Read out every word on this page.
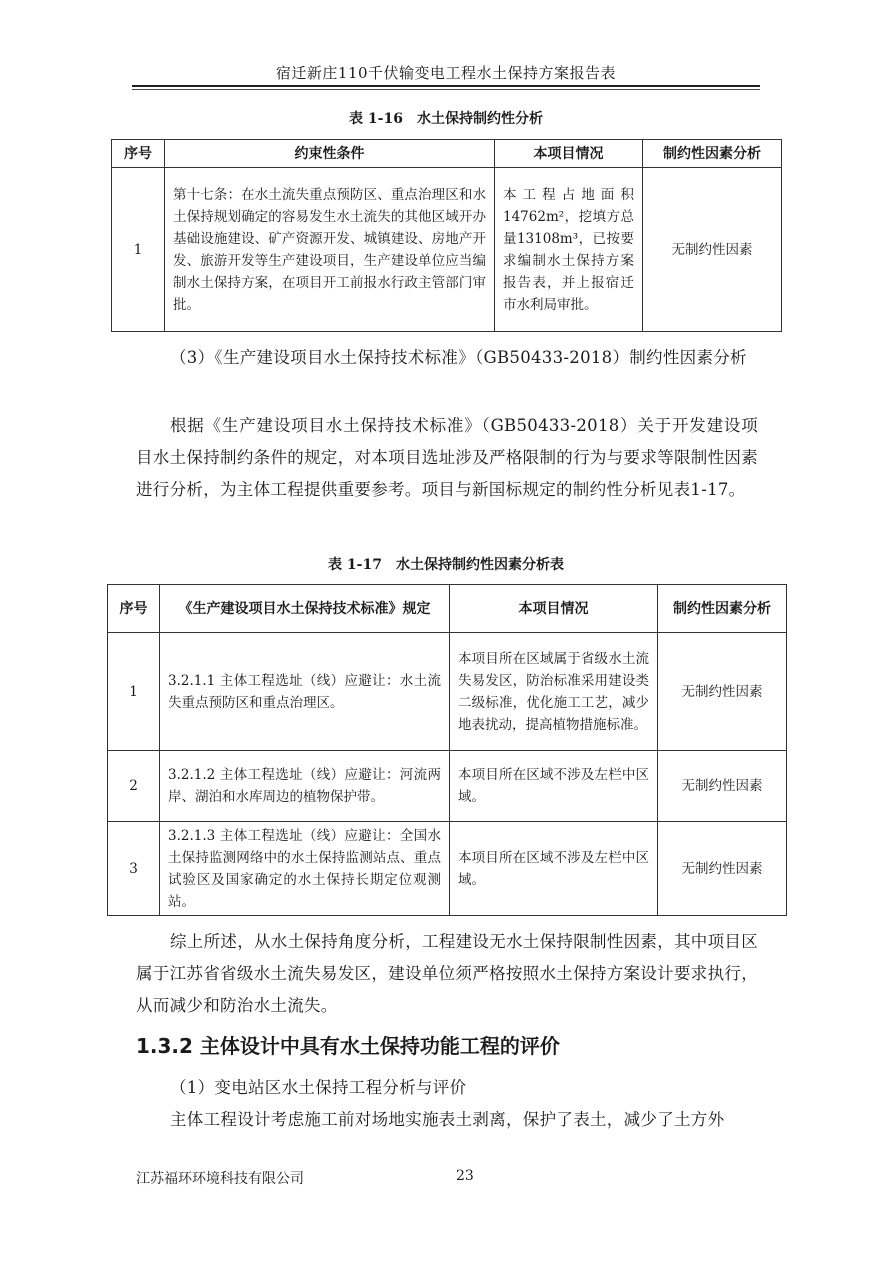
宿迁新庄110千伏输变电工程水土保持方案报告表
表 1-16　水土保持制约性分析
序号	约束性条件	本项目情况	制约性因素分析
1	第十七条：在水土流失重点预防区、重点治理区和水土保持规划确定的容易发生水土流失的其他区域开办基础设施建设、矿产资源开发、城镇建设、房地产开发、旅游开发等生产建设项目，生产建设单位应当编制水土保持方案，在项目开工前报水行政主管部门审批。	本工程占地面积14762m²，挖填方总量13108m³，已按要求编制水土保持方案报告表，并上报宿迁市水利局审批。	无制约性因素
（3）《生产建设项目水土保持技术标准》（GB50433-2018）制约性因素分析
根据《生产建设项目水土保持技术标准》（GB50433-2018）关于开发建设项目水土保持制约条件的规定，对本项目选址涉及严格限制的行为与要求等限制性因素进行分析，为主体工程提供重要参考。项目与新国标规定的制约性分析见表1-17。
表 1-17　水土保持制约性因素分析表
序号	《生产建设项目水土保持技术标准》规定	本项目情况	制约性因素分析
1	3.2.1.1 主体工程选址（线）应避让：水土流失重点预防区和重点治理区。	本项目所在区域属于省级水土流失易发区，防治标准采用建设类二级标准，优化施工工艺，减少地表扰动，提高植物措施标准。	无制约性因素
2	3.2.1.2 主体工程选址（线）应避让：河流两岸、湖泊和水库周边的植物保护带。	本项目所在区域不涉及左栏中区域。	无制约性因素
3	3.2.1.3 主体工程选址（线）应避让：全国水土保持监测网络中的水土保持监测站点、重点试验区及国家确定的水土保持长期定位观测站。	本项目所在区域不涉及左栏中区域。	无制约性因素
综上所述，从水土保持角度分析，工程建设无水土保持限制性因素，其中项目区属于江苏省省级水土流失易发区，建设单位须严格按照水土保持方案设计要求执行，从而减少和防治水土流失。
1.3.2 主体设计中具有水土保持功能工程的评价
（1）变电站区水土保持工程分析与评价
主体工程设计考虑施工前对场地实施表土剥离，保护了表土，减少了土方外
江苏福环环境科技有限公司	23
